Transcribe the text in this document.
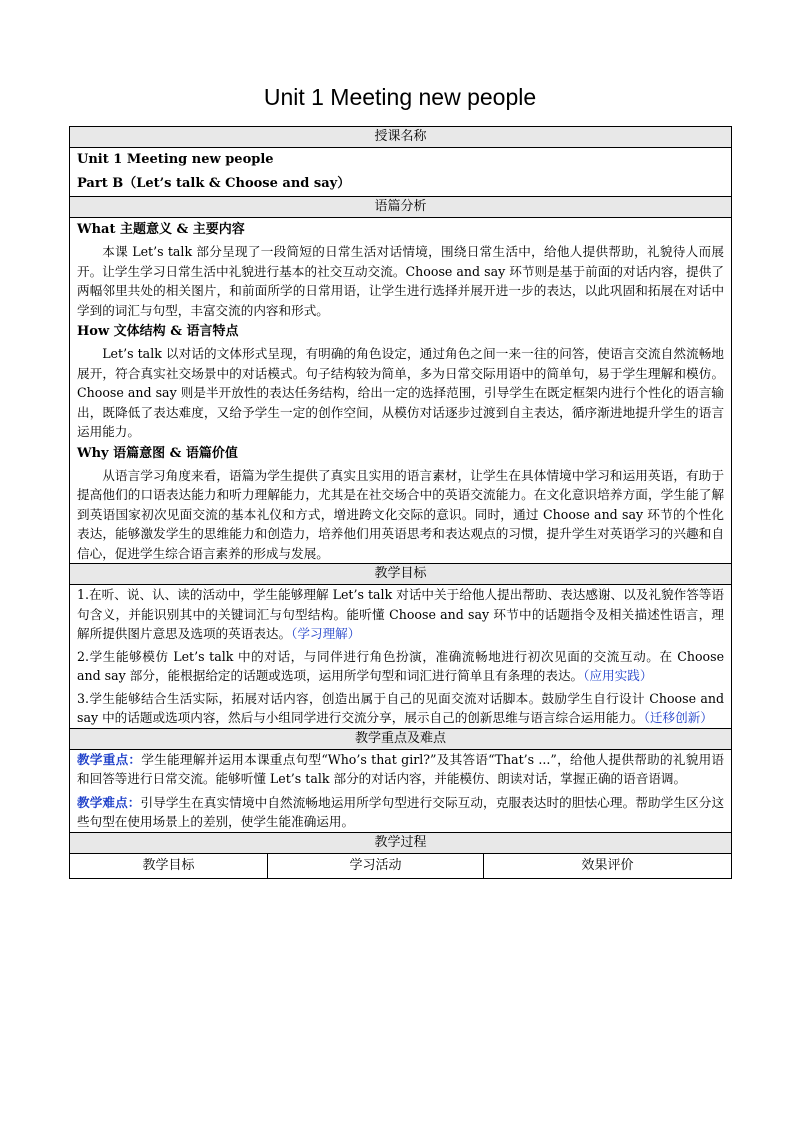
Unit 1 Meeting new people
授课名称

Unit 1 Meeting new people
Part B（Let’s talk & Choose and say）

语篇分析

What 主题意义 & 主要内容

本课 Let’s talk 部分呈现了一段简短的日常生活对话情境，围绕日常生活中，给他人提供帮助，礼貌待人而展开。让学生学习日常生活中礼貌进行基本的社交互动交流。Choose and say 环节则是基于前面的对话内容，提供了两幅邻里共处的相关图片，和前面所学的日常用语，让学生进行选择并展开进一步的表达，以此巩固和拓展在对话中学到的词汇与句型，丰富交流的内容和形式。

How 文体结构 & 语言特点

Let’s talk 以对话的文体形式呈现，有明确的角色设定，通过角色之间一来一往的问答，使语言交流自然流畅地展开，符合真实社交场景中的对话模式。句子结构较为简单，多为日常交际用语中的简单句，易于学生理解和模仿。Choose and say 则是半开放性的表达任务结构，给出一定的选择范围，引导学生在既定框架内进行个性化的语言输出，既降低了表达难度，又给予学生一定的创作空间，从模仿对话逐步过渡到自主表达，循序渐进地提升学生的语言运用能力。

Why 语篇意图 & 语篇价值

从语言学习角度来看，语篇为学生提供了真实且实用的语言素材，让学生在具体情境中学习和运用英语，有助于提高他们的口语表达能力和听力理解能力，尤其是在社交场合中的英语交流能力。在文化意识培养方面，学生能了解到英语国家初次见面交流的基本礼仪和方式，增进跨文化交际的意识。同时，通过 Choose and say 环节的个性化表达，能够激发学生的思维能力和创造力，培养他们用英语思考和表达观点的习惯，提升学生对英语学习的兴趣和自信心，促进学生综合语言素养的形成与发展。

教学目标

1.在听、说、认、读的活动中，学生能够理解 Let’s talk 对话中关于给他人提出帮助、表达感谢、以及礼貌作答等语句含义，并能识别其中的关键词汇与句型结构。能听懂 Choose and say 环节中的话题指令及相关描述性语言，理解所提供图片意思及选项的英语表达。（学习理解）

2.学生能够模仿 Let’s talk 中的对话，与同伴进行角色扮演，准确流畅地进行初次见面的交流互动。在 Choose and say 部分，能根据给定的话题或选项，运用所学句型和词汇进行简单且有条理的表达。（应用实践）

3.学生能够结合生活实际，拓展对话内容，创造出属于自己的见面交流对话脚本。鼓励学生自行设计 Choose and say 中的话题或选项内容，然后与小组同学进行交流分享，展示自己的创新思维与语言综合运用能力。（迁移创新）

教学重点及难点

教学重点：学生能理解并运用本课重点句型“Who’s that girl?”及其答语“That’s ...”，给他人提供帮助的礼貌用语和回答等进行日常交流。能够听懂 Let’s talk 部分的对话内容，并能模仿、朗读对话，掌握正确的语音语调。

教学难点：引导学生在真实情境中自然流畅地运用所学句型进行交际互动，克服表达时的胆怯心理。帮助学生区分这些句型在使用场景上的差别，使学生能准确运用。

教学过程
教学目标	学习活动	效果评价
